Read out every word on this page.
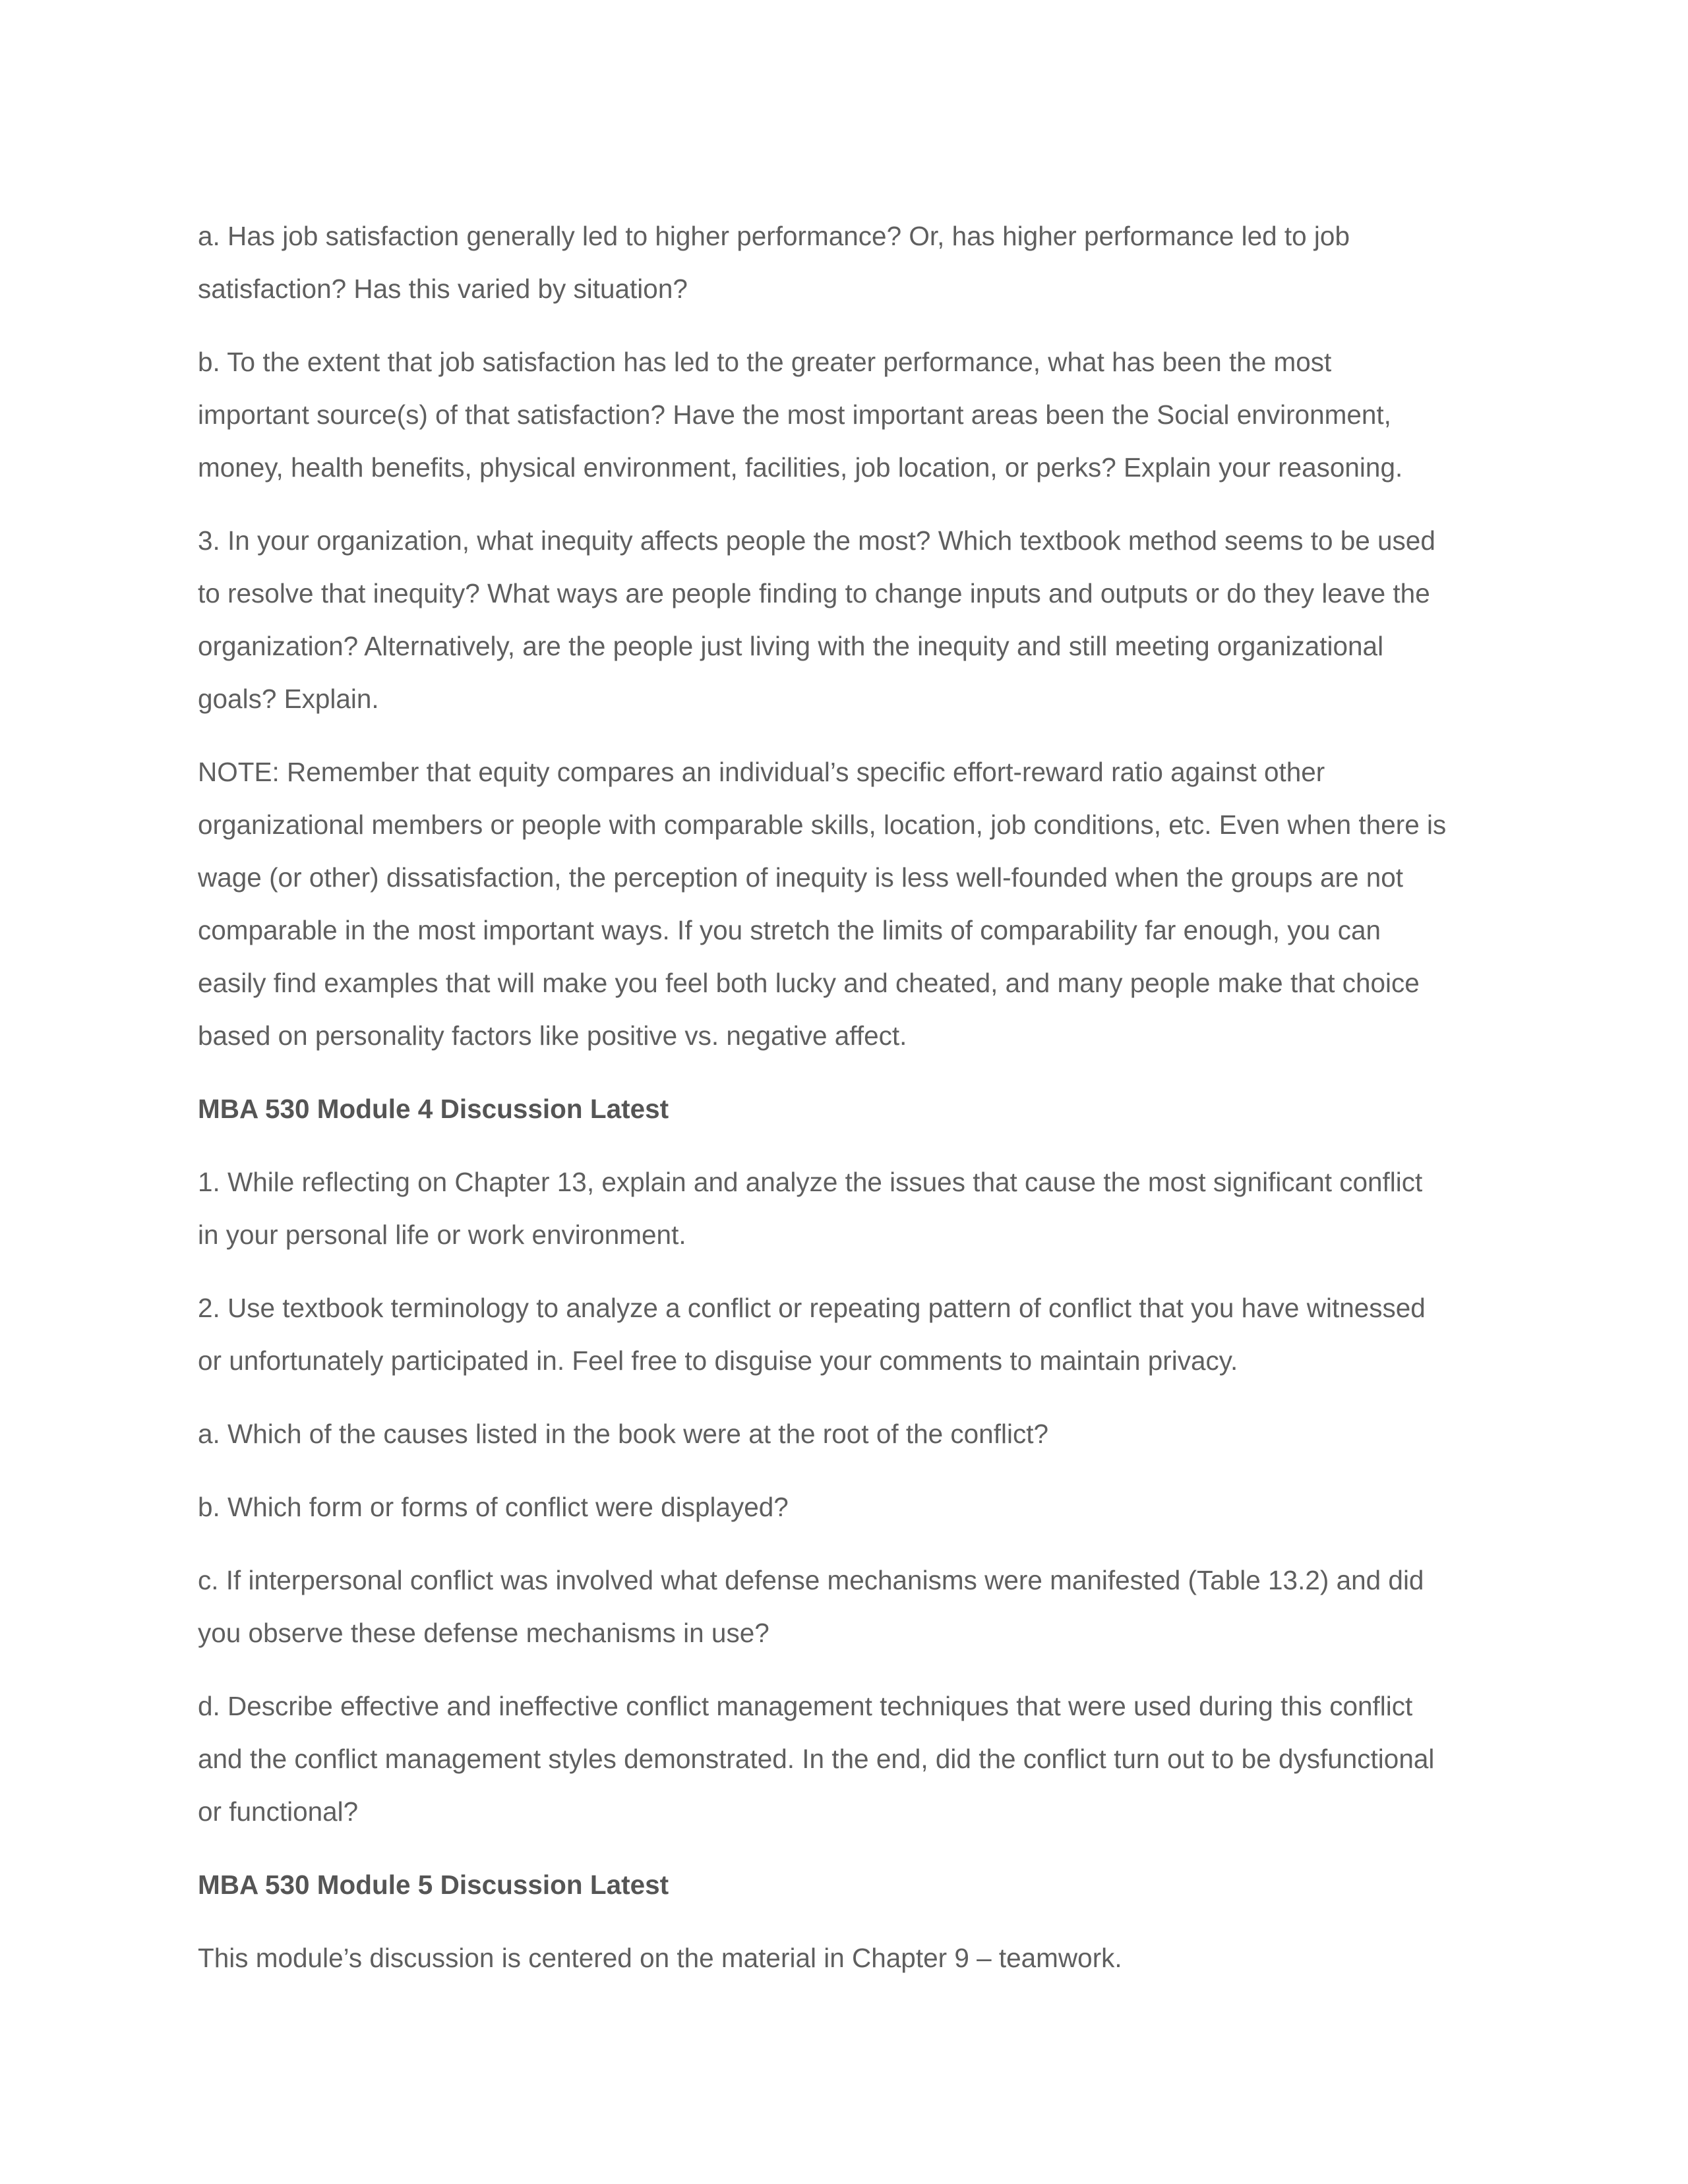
a. Has job satisfaction generally led to higher performance? Or, has higher performance led to job
satisfaction? Has this varied by situation?
b. To the extent that job satisfaction has led to the greater performance, what has been the most
important source(s) of that satisfaction? Have the most important areas been the Social environment,
money, health benefits, physical environment, facilities, job location, or perks? Explain your reasoning.
3. In your organization, what inequity affects people the most? Which textbook method seems to be used
to resolve that inequity? What ways are people finding to change inputs and outputs or do they leave the
organization? Alternatively, are the people just living with the inequity and still meeting organizational
goals? Explain.
NOTE: Remember that equity compares an individual’s specific effort-reward ratio against other
organizational members or people with comparable skills, location, job conditions, etc. Even when there is
wage (or other) dissatisfaction, the perception of inequity is less well-founded when the groups are not
comparable in the most important ways. If you stretch the limits of comparability far enough, you can
easily find examples that will make you feel both lucky and cheated, and many people make that choice
based on personality factors like positive vs. negative affect.
MBA 530 Module 4 Discussion Latest
1. While reflecting on Chapter 13, explain and analyze the issues that cause the most significant conflict
in your personal life or work environment.
2. Use textbook terminology to analyze a conflict or repeating pattern of conflict that you have witnessed
or unfortunately participated in. Feel free to disguise your comments to maintain privacy.
a. Which of the causes listed in the book were at the root of the conflict?
b. Which form or forms of conflict were displayed?
c. If interpersonal conflict was involved what defense mechanisms were manifested (Table 13.2) and did
you observe these defense mechanisms in use?
d. Describe effective and ineffective conflict management techniques that were used during this conflict
and the conflict management styles demonstrated. In the end, did the conflict turn out to be dysfunctional
or functional?
MBA 530 Module 5 Discussion Latest
This module’s discussion is centered on the material in Chapter 9 – teamwork.
